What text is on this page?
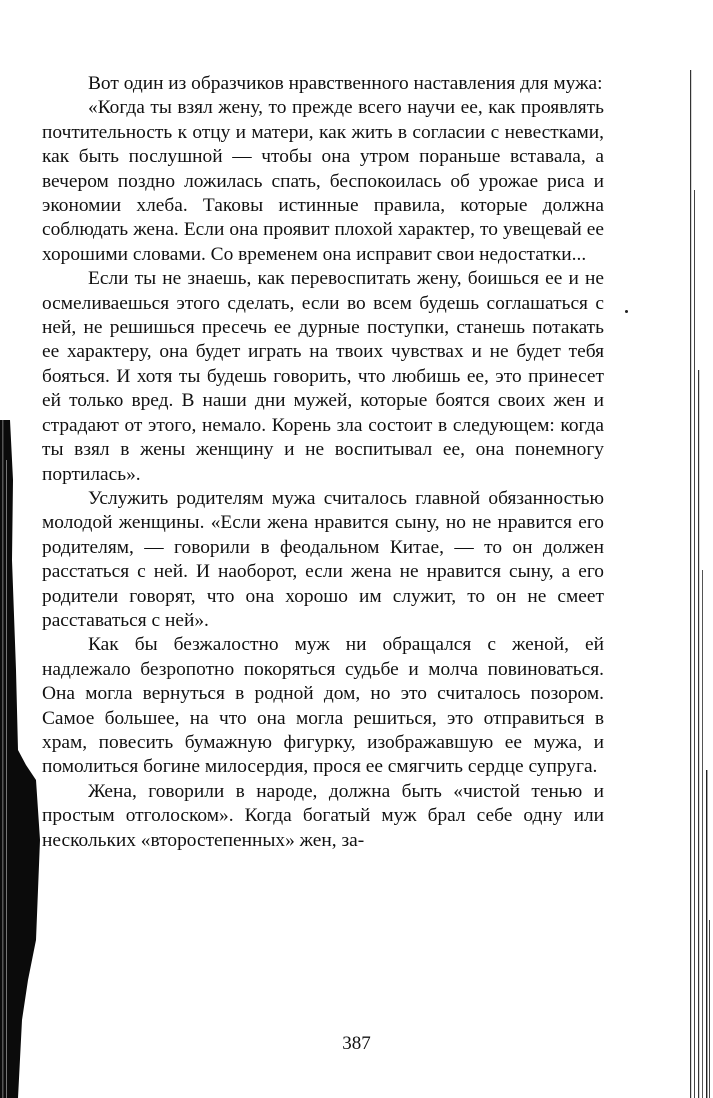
Вот один из образчиков нравственного наставления для мужа:

«Когда ты взял жену, то прежде всего научи ее, как проявлять почтительность к отцу и матери, как жить в согласии с невестками, как быть послушной — чтобы она утром пораньше вставала, а вечером поздно ложилась спать, беспокоилась об урожае риса и экономии хлеба. Таковы истинные правила, которые должна соблюдать жена. Если она проявит плохой характер, то увещевай ее хорошими словами. Со временем она исправит свои недостатки...

Если ты не знаешь, как перевоспитать жену, боишься ее и не осмеливаешься этого сделать, если во всем будешь соглашаться с ней, не решишься пресечь ее дурные поступки, станешь потакать ее характеру, она будет играть на твоих чувствах и не будет тебя бояться. И хотя ты будешь говорить, что любишь ее, это принесет ей только вред. В наши дни мужей, которые боятся своих жен и страдают от этого, немало. Корень зла состоит в следующем: когда ты взял в жены женщину и не воспитывал ее, она понемногу портилась».

Услужить родителям мужа считалось главной обязанностью молодой женщины. «Если жена нравится сыну, но не нравится его родителям, — говорили в феодальном Китае, — то он должен расстаться с ней. И наоборот, если жена не нравится сыну, а его родители говорят, что она хорошо им служит, то он не смеет расставаться с ней».

Как бы безжалостно муж ни обращался с женой, ей надлежало безропотно покоряться судьбе и молча повиноваться. Она могла вернуться в родной дом, но это считалось позором. Самое большее, на что она могла решиться, это отправиться в храм, повесить бумажную фигурку, изображавшую ее мужа, и помолиться богине милосердия, прося ее смягчить сердце супруга.

Жена, говорили в народе, должна быть «чистой тенью и простым отголоском». Когда богатый муж брал себе одну или нескольких «второстепенных» жен, за-

387
